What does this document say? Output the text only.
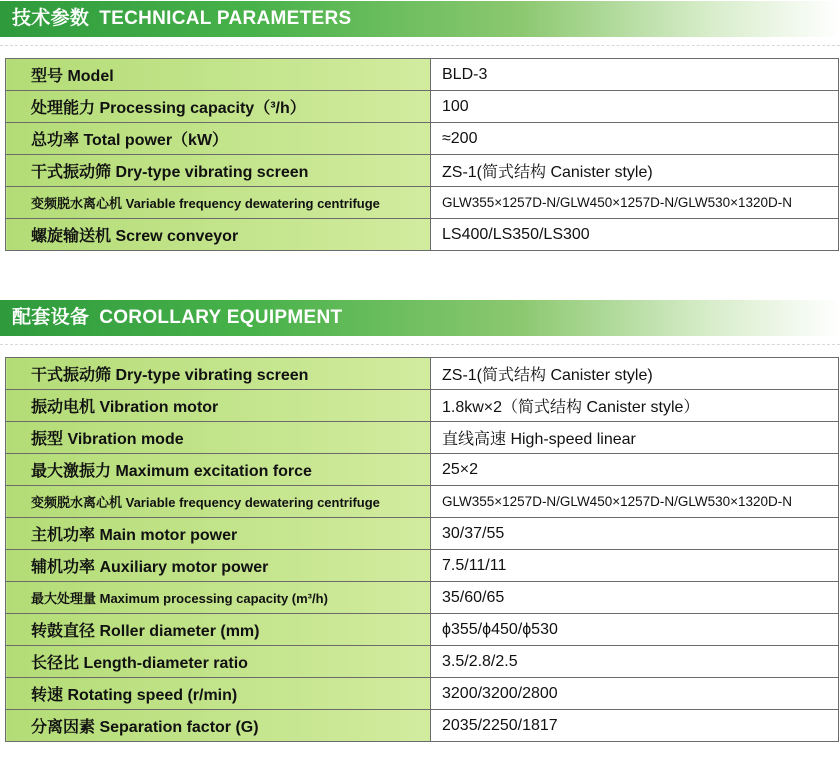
技术参数 TECHNICAL PARAMETERS
型号 Model	BLD-3
处理能力 Processing capacity（³/h）	100
总功率 Total power（kW）	≈200
干式振动筛 Dry-type vibrating screen	ZS-1(简式结构 Canister style)
变频脱水离心机 Variable frequency dewatering centrifuge	GLW355×1257D-N/GLW450×1257D-N/GLW530×1320D-N
螺旋输送机 Screw conveyor	LS400/LS350/LS300
配套设备 COROLLARY EQUIPMENT
干式振动筛 Dry-type vibrating screen	ZS-1(简式结构 Canister style)
振动电机 Vibration motor	1.8kw×2（简式结构 Canister style）
振型 Vibration mode	直线高速 High-speed linear
最大激振力 Maximum excitation force	25×2
变频脱水离心机 Variable frequency dewatering centrifuge	GLW355×1257D-N/GLW450×1257D-N/GLW530×1320D-N
主机功率 Main motor power	30/37/55
辅机功率 Auxiliary motor power	7.5/11/11
最大处理量 Maximum processing capacity (m³/h)	35/60/65
转鼓直径 Roller diameter (mm)	ϕ355/ϕ450/ϕ530
长径比 Length-diameter ratio	3.5/2.8/2.5
转速 Rotating speed (r/min)	3200/3200/2800
分离因素 Separation factor (G)	2035/2250/1817
